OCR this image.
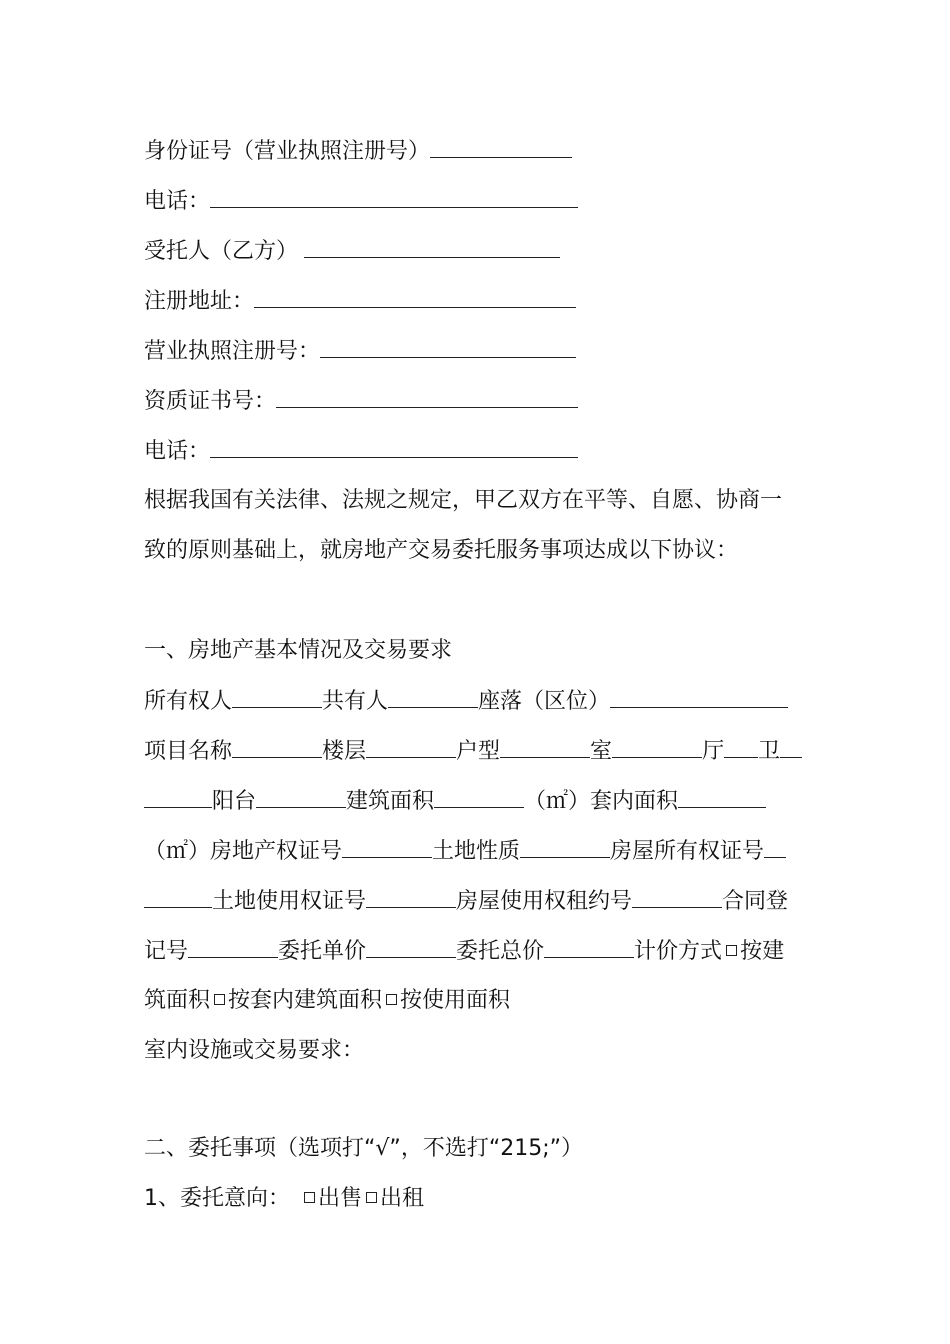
身份证号（营业执照注册号）
电话：
受托人（乙方）
注册地址：
营业执照注册号：
资质证书号：
电话：
根据我国有关法律、法规之规定，甲乙双方在平等、自愿、协商一
致的原则基础上，就房地产交易委托服务事项达成以下协议：
一、房地产基本情况及交易要求
所有权人	共有人	座落（区位）
项目名称	楼层	户型	室	厅 卫
阳台	建筑面积	（㎡）套内面积
（㎡）房地产权证号	土地性质	房屋所有权证号
土地使用权证号	房屋使用权租约号	合同登
记号	委托单价	委托总价	计价方式 按建
筑面积 按套内建筑面积 按使用面积
室内设施或交易要求：
二、委托事项（选项打“√”，不选打“215;”）
1、委托意向： 出售 出租
